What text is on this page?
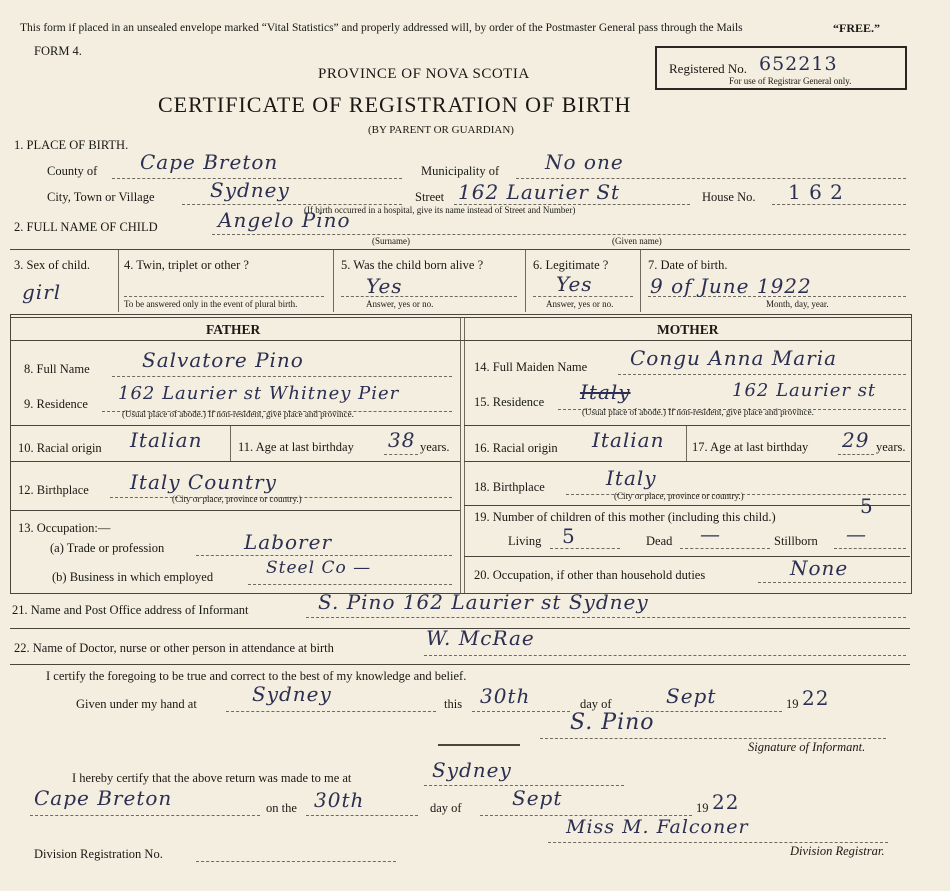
This form if placed in an unsealed envelope marked “Vital Statistics” and properly addressed will, by order of the Postmaster General pass through the Mails	“FREE.”
FORM 4.
PROVINCE OF NOVA SCOTIA
CERTIFICATE OF REGISTRATION OF BIRTH
(BY PARENT OR GUARDIAN)
Registered No. 652213
For use of Registrar General only.
1. PLACE OF BIRTH.
County of Cape Breton	Municipality of No one
City, Town or Village	Sydney	Street 162 Laurier St
(If birth occurred in a hospital, give its name instead of Street and Number)
House No. 1 6 2
2. FULL NAME OF CHILD	Angelo Pino
(Surname)	(Given name)
3. Sex of child.
girl
4. Twin, triplet or other ?
To be answered only in the event of plural birth.
5. Was the child born alive ?
Yes
Answer, yes or no.
6. Legitimate ?
Yes
Answer, yes or no.
7. Date of birth.
9 of June 1922
Month, day, year.
FATHER	MOTHER
8. Full Name	Salvatore Pino
9. Residence 162 Laurier st Whitney Pier
(Usual place of abode.) If non-resident, give place and province.
10. Racial origin Italian	11. Age at last birthday 38 years.
12. Birthplace Italy Country
(City or place, province or country.)
13. Occupation:—
(a) Trade or profession	Laborer
(b) Business in which employed	Steel Co —
14. Full Maiden Name Congu Anna Maria
15. Residence Italy	162 Laurier st
(Usual place of abode.) If non-resident, give place and province.
16. Racial origin Italian 17. Age at last birthday 29 years.
18. Birthplace	Italy
(City or place, province or country.)
19. Number of children of this mother (including this child.)	5
Living 5	Dead —	Stillborn —
20. Occupation, if other than household duties	None
21. Name and Post Office address of Informant	S. Pino 162 Laurier st Sydney
22. Name of Doctor, nurse or other person in attendance at birth	W. McRae
I certify the foregoing to be true and correct to the best of my knowledge and belief.
Given under my hand at	Sydney	this 30th	day of	Sept	19 22
S. Pino
Signature of Informant.
I hereby certify that the above return was made to me at	Sydney
Cape Breton	on the 30th	day of	Sept	19 22
Division Registration No.
Miss M. Falconer
Division Registrar.
